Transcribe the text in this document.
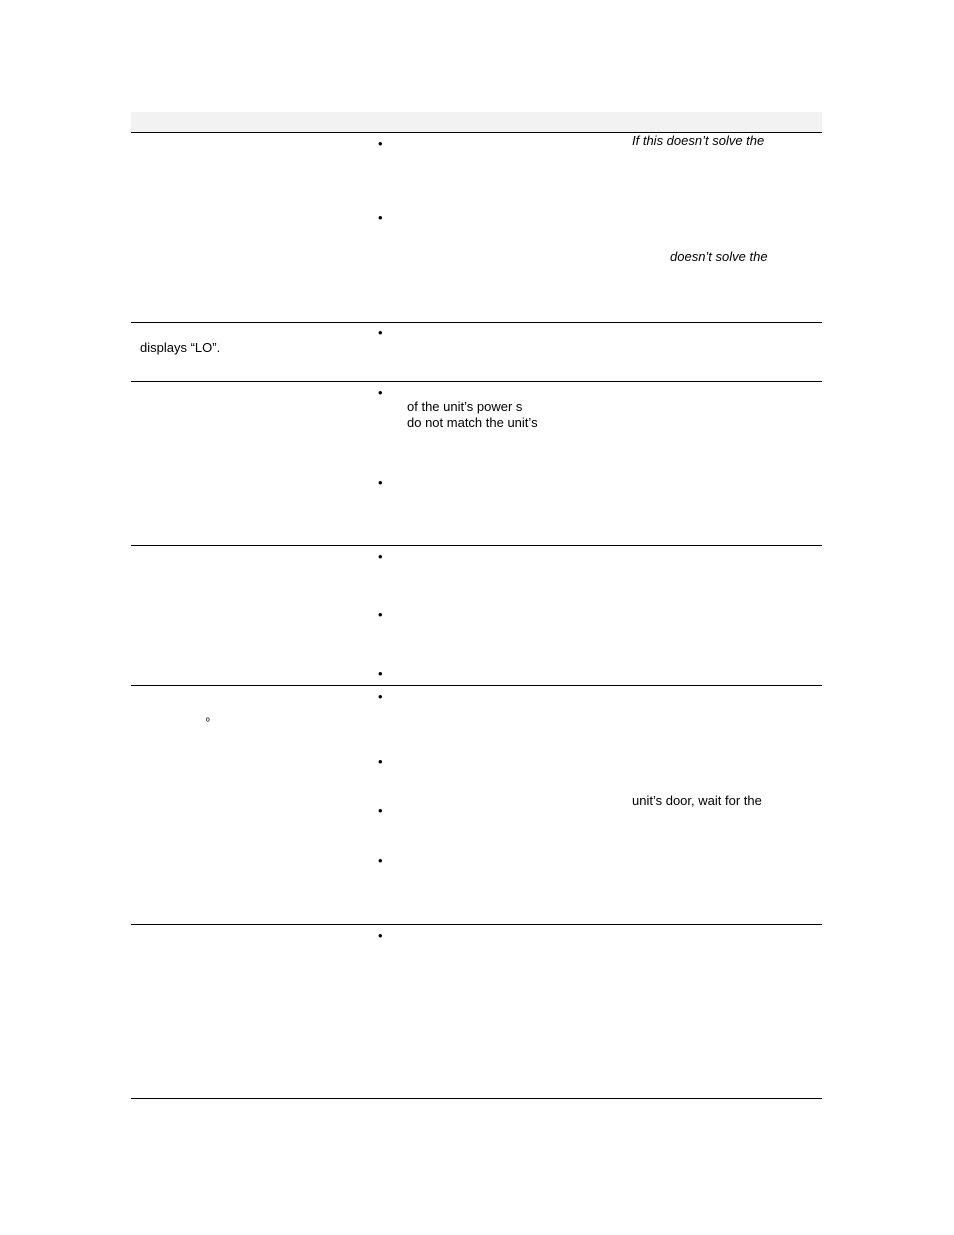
•	If this doesn’t solve the
•
doesn’t solve the
•
displays “LO”.
•
of the unit’s power s
do not match the unit’s
•
•
•
•
•
º
•
unit’s door, wait for the
•
•
•
